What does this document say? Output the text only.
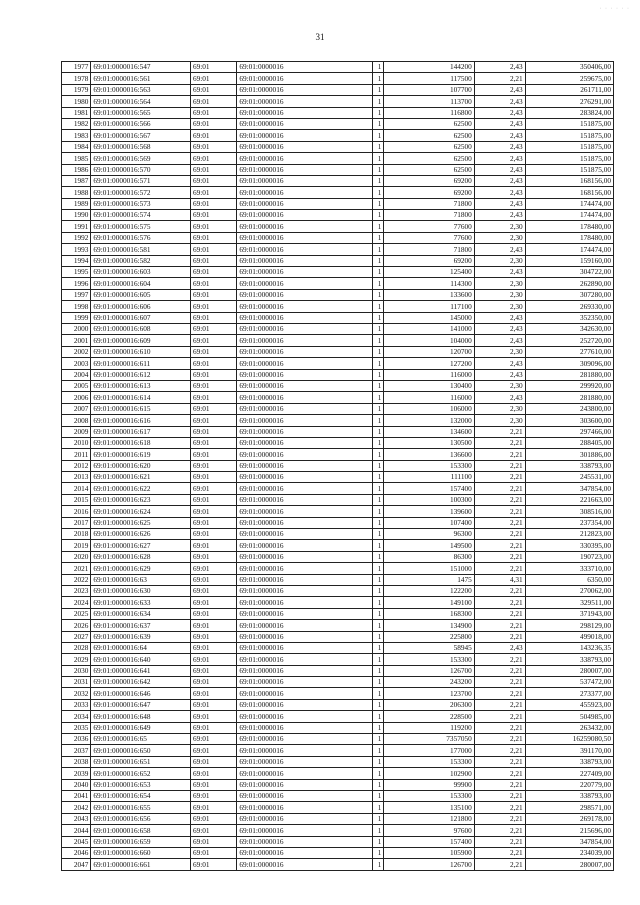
· · · · · ·
31
1977	69:01:0000016:547	69:01	69:01:0000016	1	144200	2,43	350406,00
1978	69:01:0000016:561	69:01	69:01:0000016	1	117500	2,21	259675,00
1979	69:01:0000016:563	69:01	69:01:0000016	1	107700	2,43	261711,00
1980	69:01:0000016:564	69:01	69:01:0000016	1	113700	2,43	276291,00
1981	69:01:0000016:565	69:01	69:01:0000016	1	116800	2,43	283824,00
1982	69:01:0000016:566	69:01	69:01:0000016	1	62500	2,43	151875,00
1983	69:01:0000016:567	69:01	69:01:0000016	1	62500	2,43	151875,00
1984	69:01:0000016:568	69:01	69:01:0000016	1	62500	2,43	151875,00
1985	69:01:0000016:569	69:01	69:01:0000016	1	62500	2,43	151875,00
1986	69:01:0000016:570	69:01	69:01:0000016	1	62500	2,43	151875,00
1987	69:01:0000016:571	69:01	69:01:0000016	1	69200	2,43	168156,00
1988	69:01:0000016:572	69:01	69:01:0000016	1	69200	2,43	168156,00
1989	69:01:0000016:573	69:01	69:01:0000016	1	71800	2,43	174474,00
1990	69:01:0000016:574	69:01	69:01:0000016	1	71800	2,43	174474,00
1991	69:01:0000016:575	69:01	69:01:0000016	1	77600	2,30	178480,00
1992	69:01:0000016:576	69:01	69:01:0000016	1	77600	2,30	178480,00
1993	69:01:0000016:581	69:01	69:01:0000016	1	71800	2,43	174474,00
1994	69:01:0000016:582	69:01	69:01:0000016	1	69200	2,30	159160,00
1995	69:01:0000016:603	69:01	69:01:0000016	1	125400	2,43	304722,00
1996	69:01:0000016:604	69:01	69:01:0000016	1	114300	2,30	262890,00
1997	69:01:0000016:605	69:01	69:01:0000016	1	133600	2,30	307280,00
1998	69:01:0000016:606	69:01	69:01:0000016	1	117100	2,30	269330,00
1999	69:01:0000016:607	69:01	69:01:0000016	1	145000	2,43	352350,00
2000	69:01:0000016:608	69:01	69:01:0000016	1	141000	2,43	342630,00
2001	69:01:0000016:609	69:01	69:01:0000016	1	104000	2,43	252720,00
2002	69:01:0000016:610	69:01	69:01:0000016	1	120700	2,30	277610,00
2003	69:01:0000016:611	69:01	69:01:0000016	1	127200	2,43	309096,00
2004	69:01:0000016:612	69:01	69:01:0000016	1	116000	2,43	281880,00
2005	69:01:0000016:613	69:01	69:01:0000016	1	130400	2,30	299920,00
2006	69:01:0000016:614	69:01	69:01:0000016	1	116000	2,43	281880,00
2007	69:01:0000016:615	69:01	69:01:0000016	1	106000	2,30	243800,00
2008	69:01:0000016:616	69:01	69:01:0000016	1	132000	2,30	303600,00
2009	69:01:0000016:617	69:01	69:01:0000016	1	134600	2,21	297466,00
2010	69:01:0000016:618	69:01	69:01:0000016	1	130500	2,21	288405,00
2011	69:01:0000016:619	69:01	69:01:0000016	1	136600	2,21	301886,00
2012	69:01:0000016:620	69:01	69:01:0000016	1	153300	2,21	338793,00
2013	69:01:0000016:621	69:01	69:01:0000016	1	111100	2,21	245531,00
2014	69:01:0000016:622	69:01	69:01:0000016	1	157400	2,21	347854,00
2015	69:01:0000016:623	69:01	69:01:0000016	1	100300	2,21	221663,00
2016	69:01:0000016:624	69:01	69:01:0000016	1	139600	2,21	308516,00
2017	69:01:0000016:625	69:01	69:01:0000016	1	107400	2,21	237354,00
2018	69:01:0000016:626	69:01	69:01:0000016	1	96300	2,21	212823,00
2019	69:01:0000016:627	69:01	69:01:0000016	1	149500	2,21	330395,00
2020	69:01:0000016:628	69:01	69:01:0000016	1	86300	2,21	190723,00
2021	69:01:0000016:629	69:01	69:01:0000016	1	151000	2,21	333710,00
2022	69:01:0000016:63	69:01	69:01:0000016	1	1475	4,31	6350,00
2023	69:01:0000016:630	69:01	69:01:0000016	1	122200	2,21	270062,00
2024	69:01:0000016:633	69:01	69:01:0000016	1	149100	2,21	329511,00
2025	69:01:0000016:634	69:01	69:01:0000016	1	168300	2,21	371943,00
2026	69:01:0000016:637	69:01	69:01:0000016	1	134900	2,21	298129,00
2027	69:01:0000016:639	69:01	69:01:0000016	1	225800	2,21	499018,00
2028	69:01:0000016:64	69:01	69:01:0000016	1	58945	2,43	143236,35
2029	69:01:0000016:640	69:01	69:01:0000016	1	153300	2,21	338793,00
2030	69:01:0000016:641	69:01	69:01:0000016	1	126700	2,21	280007,00
2031	69:01:0000016:642	69:01	69:01:0000016	1	243200	2,21	537472,00
2032	69:01:0000016:646	69:01	69:01:0000016	1	123700	2,21	273377,00
2033	69:01:0000016:647	69:01	69:01:0000016	1	206300	2,21	455923,00
2034	69:01:0000016:648	69:01	69:01:0000016	1	228500	2,21	504985,00
2035	69:01:0000016:649	69:01	69:01:0000016	1	119200	2,21	263432,00
2036	69:01:0000016:65	69:01	69:01:0000016	1	7357050	2,21	16259080,50
2037	69:01:0000016:650	69:01	69:01:0000016	1	177000	2,21	391170,00
2038	69:01:0000016:651	69:01	69:01:0000016	1	153300	2,21	338793,00
2039	69:01:0000016:652	69:01	69:01:0000016	1	102900	2,21	227409,00
2040	69:01:0000016:653	69:01	69:01:0000016	1	99900	2,21	220779,00
2041	69:01:0000016:654	69:01	69:01:0000016	1	153300	2,21	338793,00
2042	69:01:0000016:655	69:01	69:01:0000016	1	135100	2,21	298571,00
2043	69:01:0000016:656	69:01	69:01:0000016	1	121800	2,21	269178,00
2044	69:01:0000016:658	69:01	69:01:0000016	1	97600	2,21	215696,00
2045	69:01:0000016:659	69:01	69:01:0000016	1	157400	2,21	347854,00
2046	69:01:0000016:660	69:01	69:01:0000016	1	105900	2,21	234039,00
2047	69:01:0000016:661	69:01	69:01:0000016	1	126700	2,21	280007,00
